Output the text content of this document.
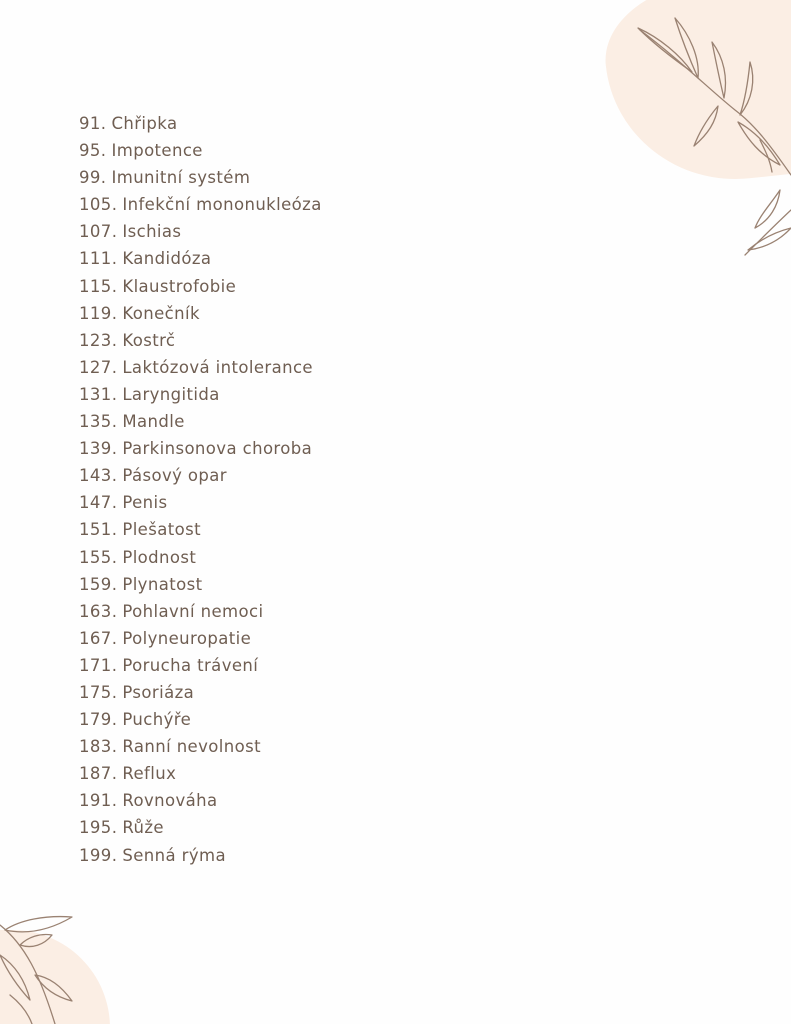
91. Chřipka
95. Impotence
99. Imunitní systém
105. Infekční mononukleóza
107. Ischias
111. Kandidóza
115. Klaustrofobie
119. Konečník
123. Kostrč
127. Laktózová intolerance
131. Laryngitida
135. Mandle
139. Parkinsonova choroba
143. Pásový opar
147. Penis
151. Plešatost
155. Plodnost
159. Plynatost
163. Pohlavní nemoci
167. Polyneuropatie
171. Porucha trávení
175. Psoriáza
179. Puchýře
183. Ranní nevolnost
187. Reflux
191. Rovnováha
195. Růže
199. Senná rýma
